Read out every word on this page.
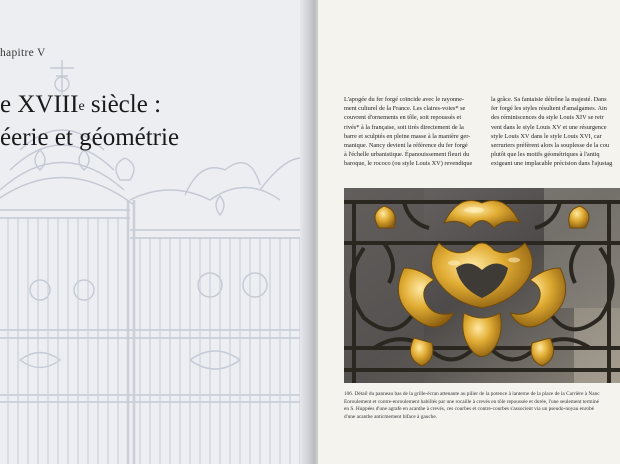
hapitre V
e XVIIIe siècle :
éerie et géométrie
L'apogée du fer forgé coïncide avec le rayonne-
ment culturel de la France. Les claires-voies* se
couvrent d'ornements en tôle, soit repoussés et
rivés* à la française, soit tirés directement de la
barre et sculptés en pleine masse à la manière ger-
manique. Nancy devient la référence du fer forgé
à l'échelle urbanistique. Épanouissement fleuri du
baroque, le rococo (ou style Louis XV) revendique
la grâce. Sa fantaisie détrône la majesté. Dans
fer forgé les styles résultent d'amalgames. Ain
des réminiscences du style Louis XIV se retr
vent dans le style Louis XV et une résurgence
style Louis XV dans le style Louis XVI, car
serruriers préfèrent alors la souplesse de la cou
plutôt que les motifs géométriques à l'antiq
exigeant une implacable précision dans l'ajustag
106. Détail du panneau bas de la grille-écran attenante au pilier de la potence à lanterne de la place de la Carrière à Nanc
Enroulement et contre-enroulement habillés par une rocaille à crevés en tôle repoussée et dorée, l'une seulement terminé
en S. Huppées d'une agrafe en acanthe à crevés, ces courbes et contre-courbes s'associent via un pseudo-noyau enrobé
d'une acanthe anticmement biface à gauche.
